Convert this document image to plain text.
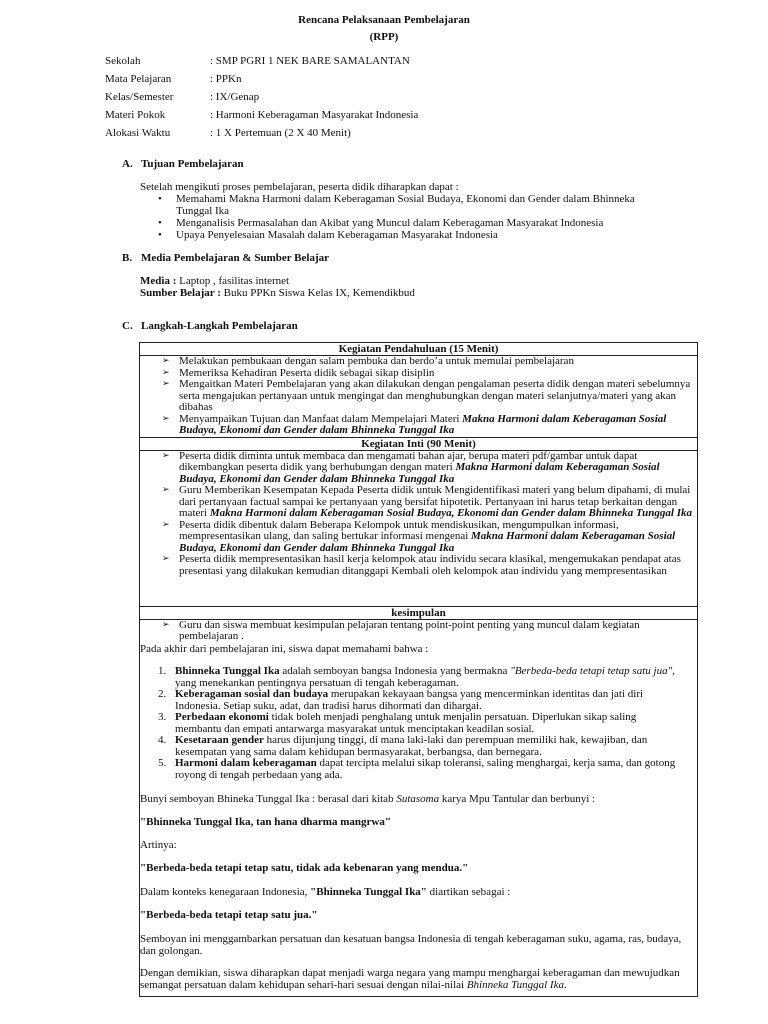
Rencana Pelaksanaan Pembelajaran
(RPP)
Sekolah	: SMP PGRI 1 NEK BARE SAMALANTAN
Mata Pelajaran	: PPKn
Kelas/Semester	: IX/Genap
Materi Pokok	: Harmoni Keberagaman Masyarakat Indonesia
Alokasi Waktu	: 1 X Pertemuan (2 X 40 Menit)
A. Tujuan Pembelajaran
Setelah mengikuti proses pembelajaran, peserta didik diharapkan dapat :
• Memahami Makna Harmoni dalam Keberagaman Sosial Budaya, Ekonomi dan Gender dalam Bhinneka Tunggal Ika
• Menganalisis Permasalahan dan Akibat yang Muncul dalam Keberagaman Masyarakat Indonesia
• Upaya Penyelesaian Masalah dalam Keberagaman Masyarakat Indonesia
B. Media Pembelajaran & Sumber Belajar
Media : Laptop , fasilitas internet
Sumber Belajar : Buku PPKn Siswa Kelas IX, Kemendikbud
C. Langkah-Langkah Pembelajaran
Kegiatan Pendahuluan (15 Menit)

➢ Melakukan pembukaan dengan salam pembuka dan berdo’a untuk memulai pembelajaran
➢ Memeriksa Kehadiran Peserta didik sebagai sikap disiplin
➢ Mengaitkan Materi Pembelajaran yang akan dilakukan dengan pengalaman peserta didik dengan materi sebelumnya serta mengajukan pertanyaan untuk mengingat dan menghubungkan dengan materi selanjutnya/materi yang akan dibahas
➢ Menyampaikan Tujuan dan Manfaat dalam Mempelajari Materi Makna Harmoni dalam Keberagaman Sosial Budaya, Ekonomi dan Gender dalam Bhinneka Tunggal Ika

Kegiatan Inti (90 Menit)

➢ Peserta didik diminta untuk membaca dan mengamati bahan ajar, berupa materi pdf/gambar untuk dapat dikembangkan peserta didik yang berhubungan dengan materi Makna Harmoni dalam Keberagaman Sosial
Budaya, Ekonomi dan Gender dalam Bhinneka Tunggal Ika
➢ Guru Memberikan Kesempatan Kepada Peserta didik untuk Mengidentifikasi materi yang belum dipahami, di mulai dari pertanyaan factual sampai ke pertanyaan yang bersifat hipotetik. Pertanyaan ini harus tetap berkaitan dengan materi Makna Harmoni dalam Keberagaman Sosial Budaya, Ekonomi dan Gender dalam Bhinneka Tunggal Ika
➢ Peserta didik dibentuk dalam Beberapa Kelompok untuk mendiskusikan, mengumpulkan informasi, mempresentasikan ulang, dan saling bertukar informasi mengenai Makna Harmoni dalam Keberagaman Sosial Budaya, Ekonomi dan Gender dalam Bhinneka Tunggal Ika
➢ Peserta didik mempresentasikan hasil kerja kelompok atau individu secara klasikal, mengemukakan pendapat atas presentasi yang dilakukan kemudian ditanggapi Kembali oleh kelompok atau individu yang mempresentasikan

kesimpulan

➢ Guru dan siswa membuat kesimpulan pelajaran tentang point-point penting yang muncul dalam kegiatan pembelajaran .
Pada akhir dari pembelajaran ini, siswa dapat memahami bahwa :
1. Bhinneka Tunggal Ika adalah semboyan bangsa Indonesia yang bermakna "Berbeda-beda tetapi tetap satu jua", yang menekankan pentingnya persatuan di tengah keberagaman.
2. Keberagaman sosial dan budaya merupakan kekayaan bangsa yang mencerminkan identitas dan jati diri Indonesia. Setiap suku, adat, dan tradisi harus dihormati dan dihargai.
3. Perbedaan ekonomi tidak boleh menjadi penghalang untuk menjalin persatuan. Diperlukan sikap saling membantu dan empati antarwarga masyarakat untuk menciptakan keadilan sosial.
4. Kesetaraan gender harus dijunjung tinggi, di mana laki-laki dan perempuan memiliki hak, kewajiban, dan kesempatan yang sama dalam kehidupan bermasyarakat, berbangsa, dan bernegara.
5. Harmoni dalam keberagaman dapat tercipta melalui sikap toleransi, saling menghargai, kerja sama, dan gotong royong di tengah perbedaan yang ada.
Bunyi semboyan Bhineka Tunggal Ika : berasal dari kitab Sutasoma karya Mpu Tantular dan berbunyi :
"Bhinneka Tunggal Ika, tan hana dharma mangrwa"
Artinya:
"Berbeda-beda tetapi tetap satu, tidak ada kebenaran yang mendua."
Dalam konteks kenegaraan Indonesia, "Bhinneka Tunggal Ika" diartikan sebagai :
"Berbeda-beda tetapi tetap satu jua."
Semboyan ini menggambarkan persatuan dan kesatuan bangsa Indonesia di tengah keberagaman suku, agama, ras, budaya, dan golongan.
Dengan demikian, siswa diharapkan dapat menjadi warga negara yang mampu menghargai keberagaman dan mewujudkan semangat persatuan dalam kehidupan sehari-hari sesuai dengan nilai-nilai Bhinneka Tunggal Ika.
